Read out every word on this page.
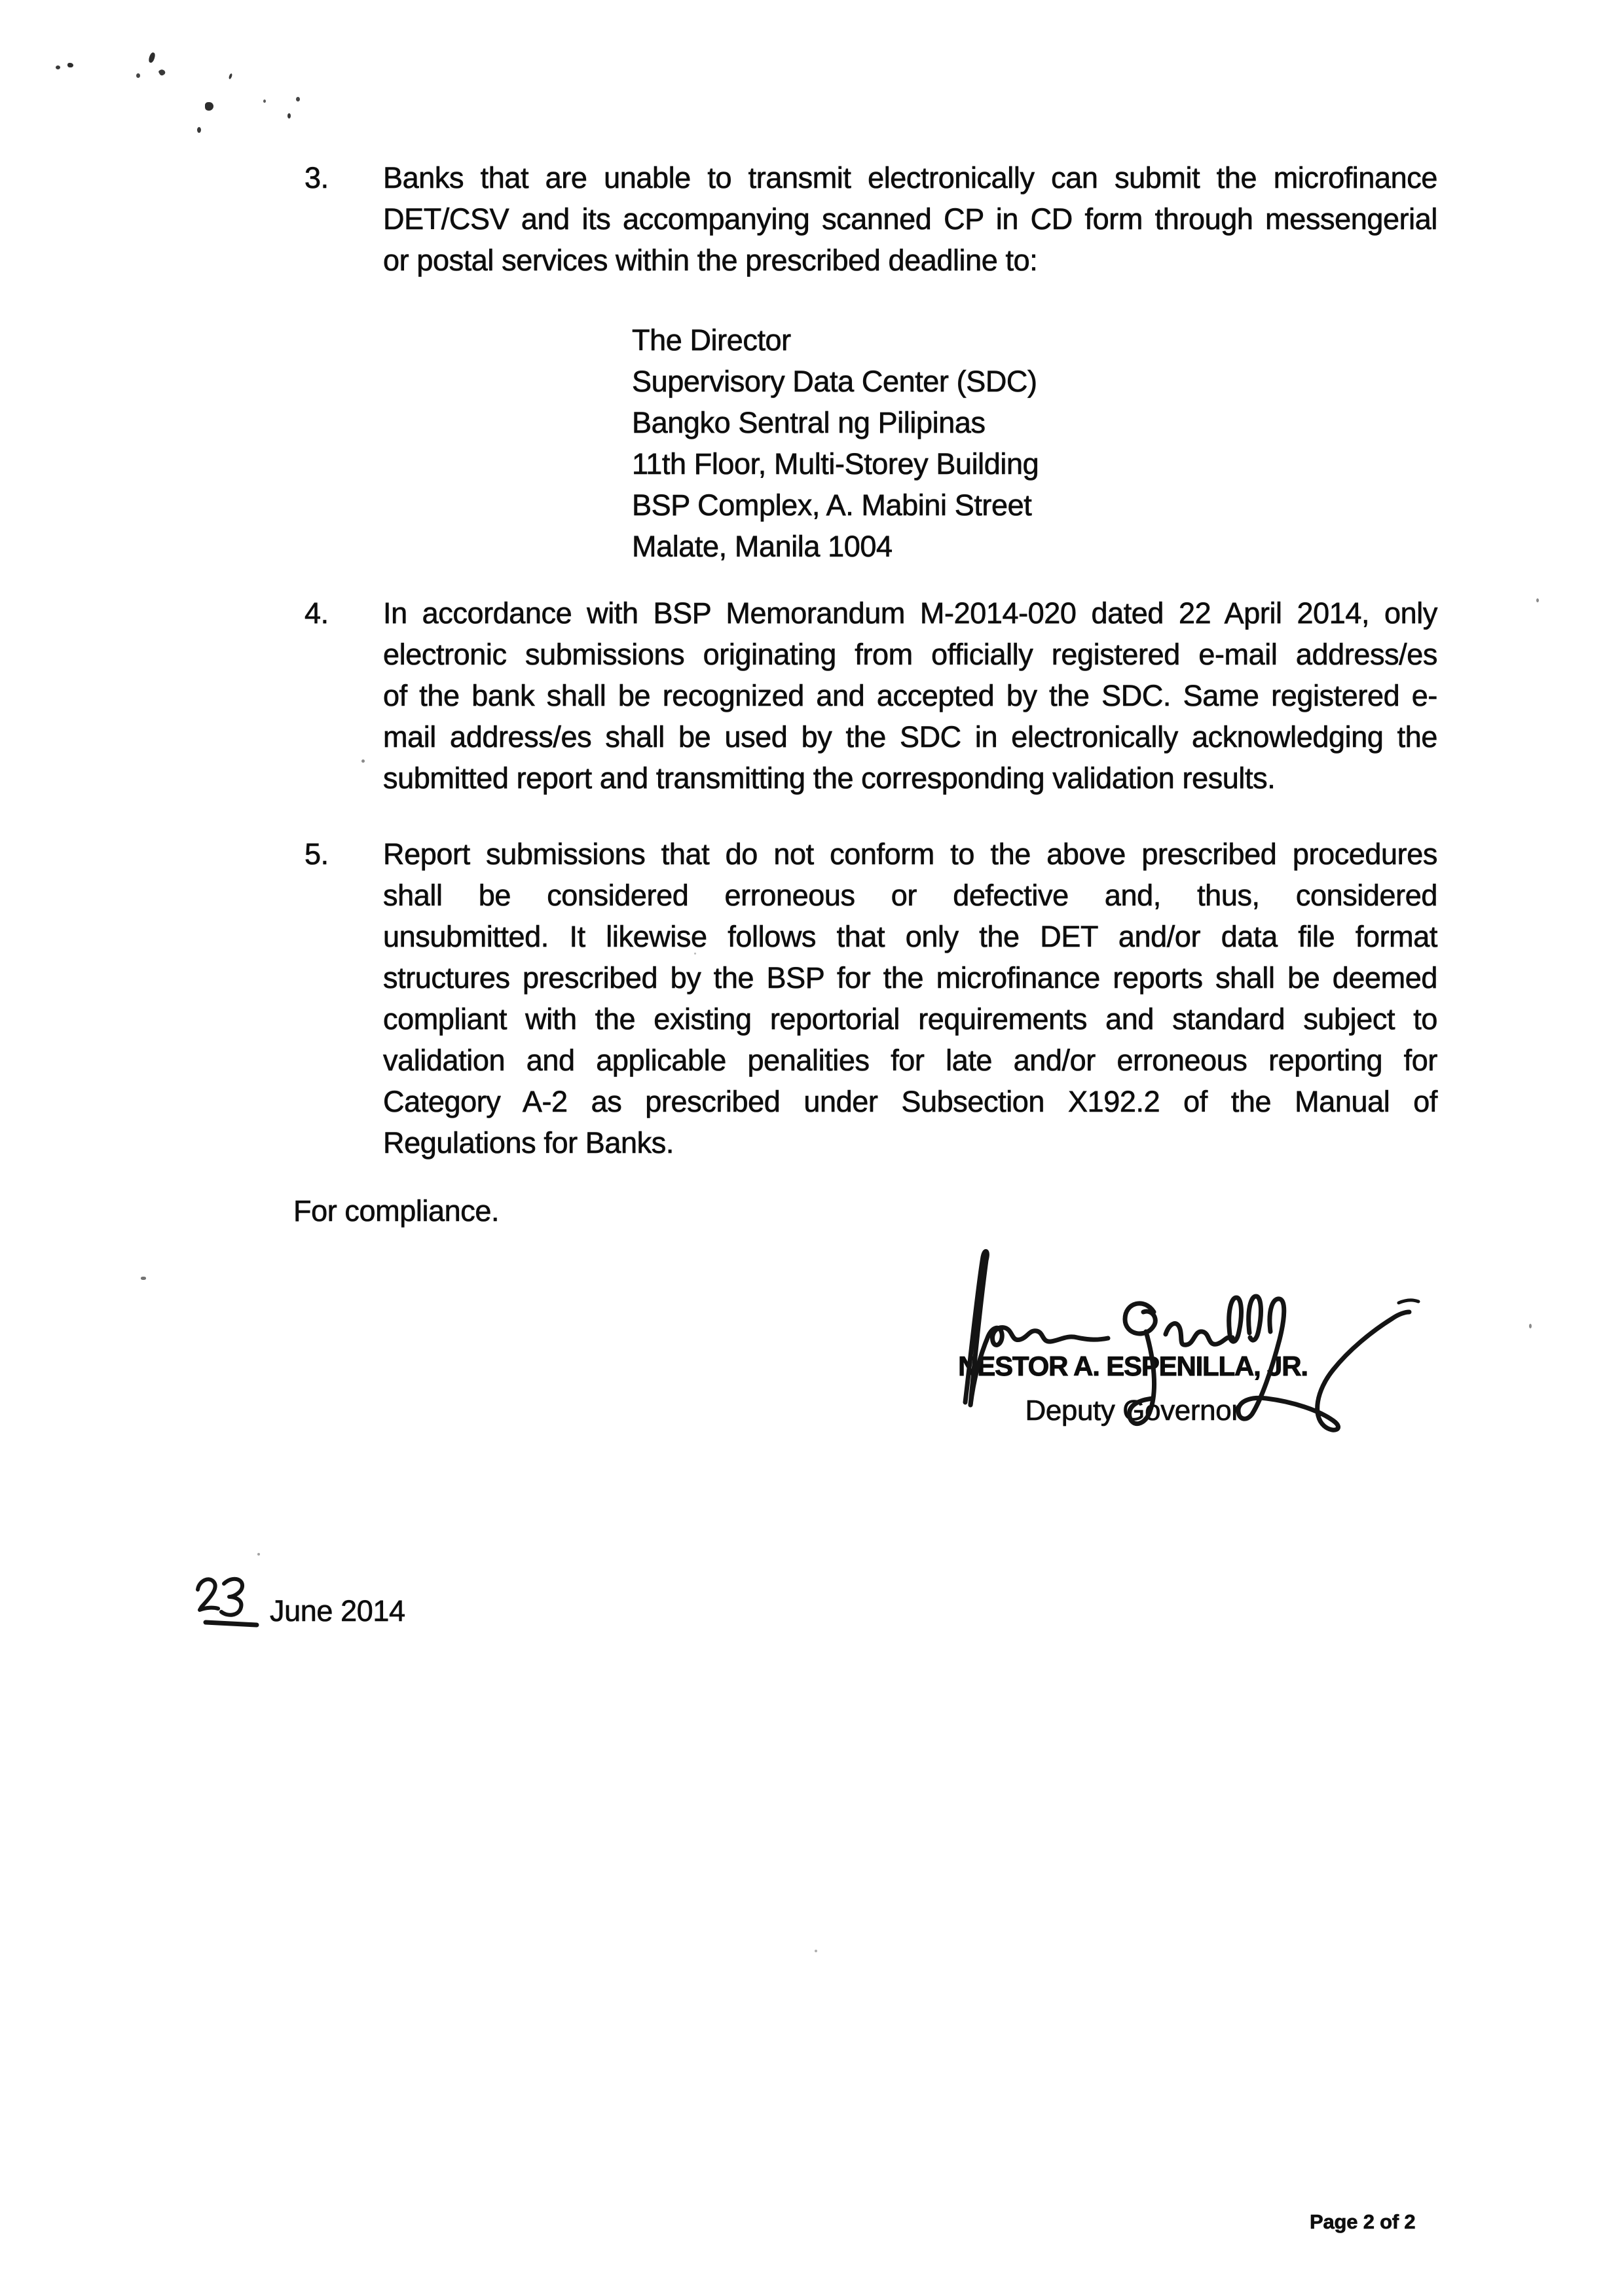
3. Banks that are unable to transmit electronically can submit the microfinance
DET/CSV and its accompanying scanned CP in CD form through messengerial
or postal services within the prescribed deadline to:
The Director
Supervisory Data Center (SDC)
Bangko Sentral ng Pilipinas
11th Floor, Multi-Storey Building
BSP Complex, A. Mabini Street
Malate, Manila 1004
4. In accordance with BSP Memorandum M-2014-020 dated 22 April 2014, only
electronic submissions originating from officially registered e-mail address/es
of the bank shall be recognized and accepted by the SDC. Same registered e-
mail address/es shall be used by the SDC in electronically acknowledging the
submitted report and transmitting the corresponding validation results.
5. Report submissions that do not conform to the above prescribed procedures
shall be considered erroneous or defective and, thus, considered
unsubmitted. It likewise follows that only the DET and/or data file format
structures prescribed by the BSP for the microfinance reports shall be deemed
compliant with the existing reportorial requirements and standard subject to
validation and applicable penalities for late and/or erroneous reporting for
Category A-2 as prescribed under Subsection X192.2 of the Manual of
Regulations for Banks.
For compliance.
NESTOR A. ESPENILLA, JR.
Deputy Governor
June 2014
Page 2 of 2
